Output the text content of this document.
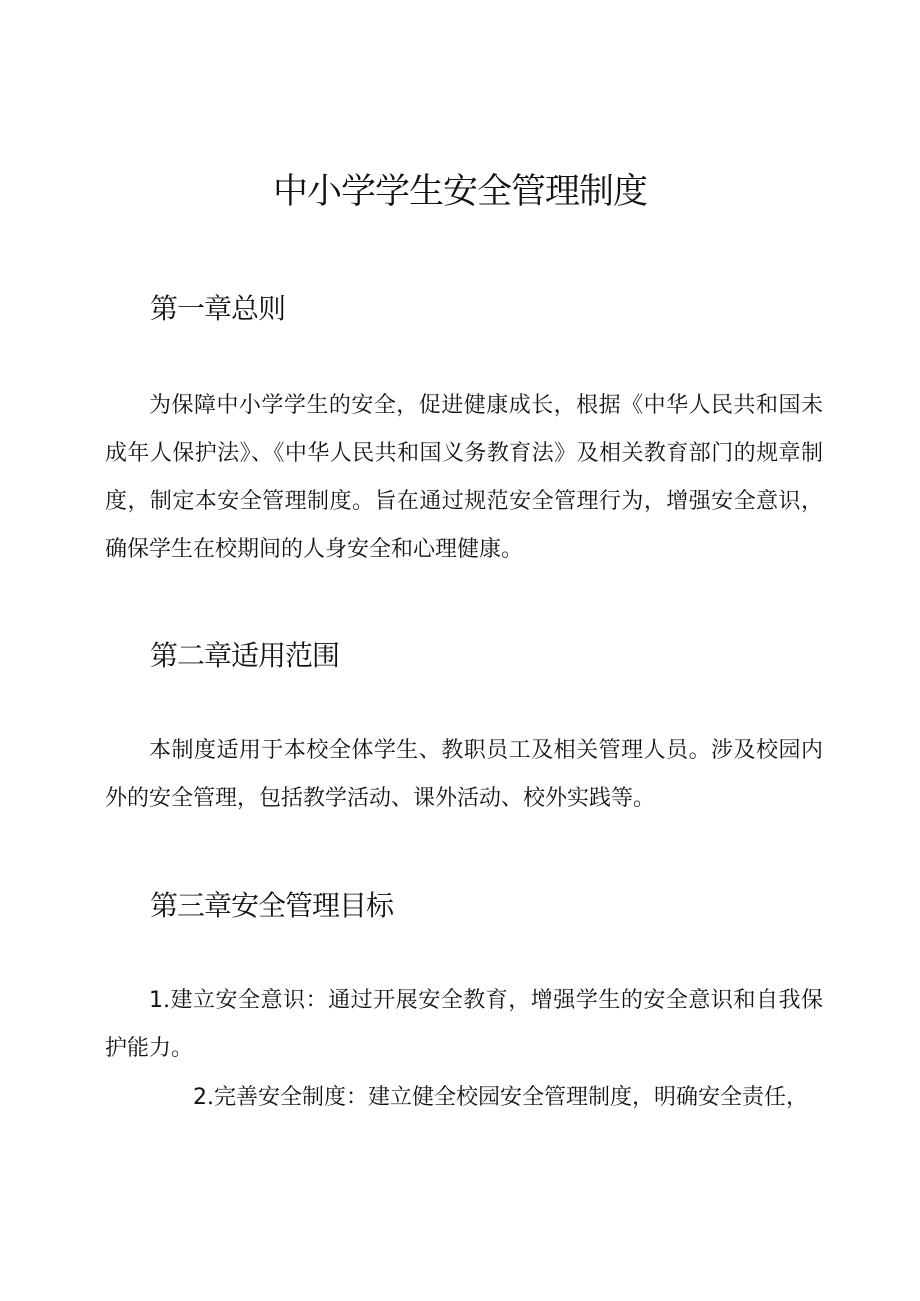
中小学学生安全管理制度
第一章总则

为保障中小学学生的安全，促进健康成长，根据《中华人民共和国未成年人保护法》、《中华人民共和国义务教育法》及相关教育部门的规章制度，制定本安全管理制度。旨在通过规范安全管理行为，增强安全意识，确保学生在校期间的人身安全和心理健康。

第二章适用范围

本制度适用于本校全体学生、教职员工及相关管理人员。涉及校园内外的安全管理，包括教学活动、课外活动、校外实践等。

第三章安全管理目标

1.建立安全意识：通过开展安全教育，增强学生的安全意识和自我保护能力。

2.完善安全制度：建立健全校园安全管理制度，明确安全责任，
